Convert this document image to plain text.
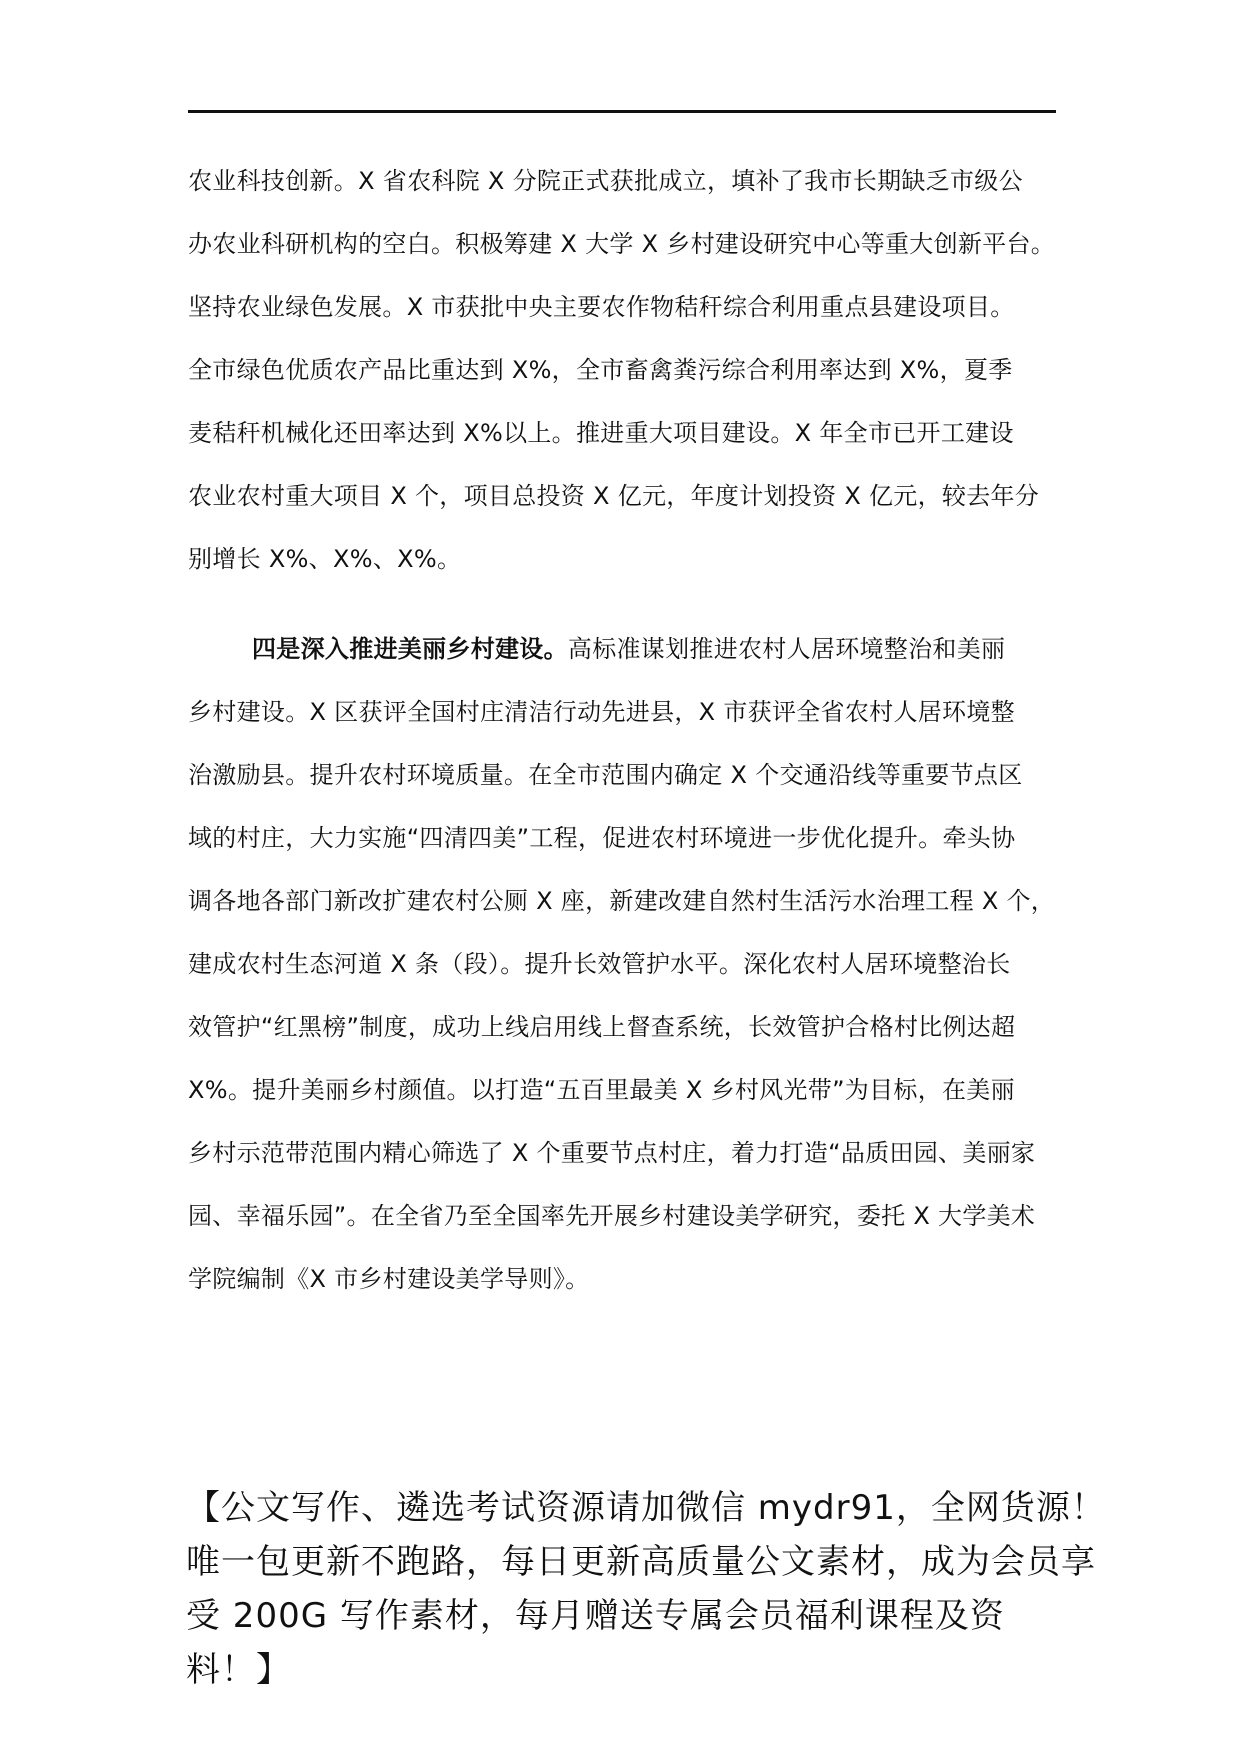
农业科技创新。X 省农科院 X 分院正式获批成立，填补了我市长期缺乏市级公
办农业科研机构的空白。积极筹建 X 大学 X 乡村建设研究中心等重大创新平台。
坚持农业绿色发展。X 市获批中央主要农作物秸秆综合利用重点县建设项目。
全市绿色优质农产品比重达到 X%，全市畜禽粪污综合利用率达到 X%，夏季
麦秸秆机械化还田率达到 X%以上。推进重大项目建设。X 年全市已开工建设
农业农村重大项目 X 个，项目总投资 X 亿元，年度计划投资 X 亿元，较去年分
别增长 X%、X%、X%。
四是深入推进美丽乡村建设。高标准谋划推进农村人居环境整治和美丽
乡村建设。X 区获评全国村庄清洁行动先进县，X 市获评全省农村人居环境整
治激励县。提升农村环境质量。在全市范围内确定 X 个交通沿线等重要节点区
域的村庄，大力实施“四清四美”工程，促进农村环境进一步优化提升。牵头协
调各地各部门新改扩建农村公厕 X 座，新建改建自然村生活污水治理工程 X 个，
建成农村生态河道 X 条（段）。提升长效管护水平。深化农村人居环境整治长
效管护“红黑榜”制度，成功上线启用线上督查系统，长效管护合格村比例达超
X%。提升美丽乡村颜值。以打造“五百里最美 X 乡村风光带”为目标，在美丽
乡村示范带范围内精心筛选了 X 个重要节点村庄，着力打造“品质田园、美丽家
园、幸福乐园”。在全省乃至全国率先开展乡村建设美学研究，委托 X 大学美术
学院编制《X 市乡村建设美学导则》。
【公文写作、遴选考试资源请加微信 mydr91，全网货源！
唯一包更新不跑路，每日更新高质量公文素材，成为会员享
受 200G 写作素材，每月赠送专属会员福利课程及资
料！】
